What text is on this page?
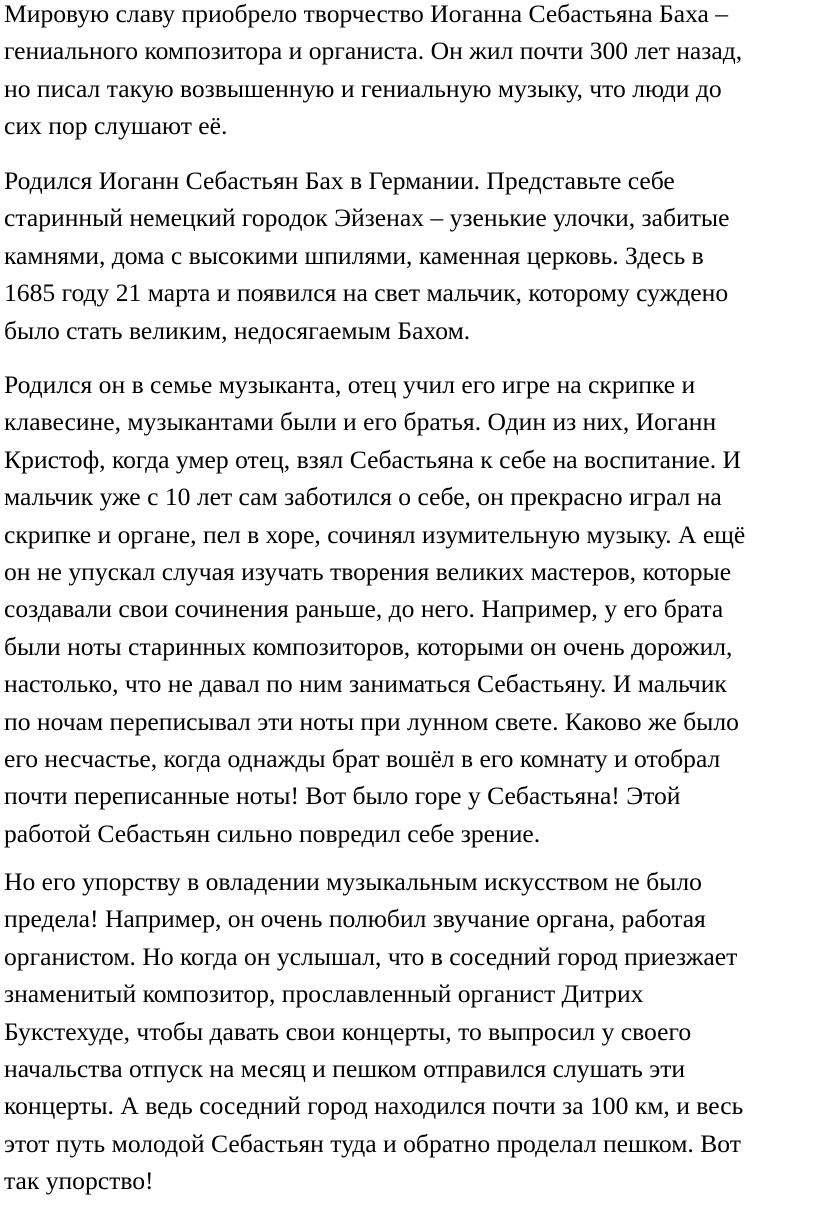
Мировую славу приобрело творчество Иоганна Себастьяна Баха –
гениального композитора и органиста. Он жил почти 300 лет назад,
но писал такую возвышенную и гениальную музыку, что люди до
сих пор слушают её.

Родился Иоганн Себастьян Бах в Германии. Представьте себе
старинный немецкий городок Эйзенах – узенькие улочки, забитые
камнями, дома с высокими шпилями, каменная церковь. Здесь в
1685 году 21 марта и появился на свет мальчик, которому суждено
было стать великим, недосягаемым Бахом.

Родился он в семье музыканта, отец учил его игре на скрипке и
клавесине, музыкантами были и его братья. Один из них, Иоганн
Кристоф, когда умер отец, взял Себастьяна к себе на воспитание. И
мальчик уже с 10 лет сам заботился о себе, он прекрасно играл на
скрипке и органе, пел в хоре, сочинял изумительную музыку. А ещё
он не упускал случая изучать творения великих мастеров, которые
создавали свои сочинения раньше, до него. Например, у его брата
были ноты старинных композиторов, которыми он очень дорожил,
настолько, что не давал по ним заниматься Себастьяну. И мальчик
по ночам переписывал эти ноты при лунном свете. Каково же было
его несчастье, когда однажды брат вошёл в его комнату и отобрал
почти переписанные ноты! Вот было горе у Себастьяна! Этой
работой Себастьян сильно повредил себе зрение.

Но его упорству в овладении музыкальным искусством не было
предела! Например, он очень полюбил звучание органа, работая
органистом. Но когда он услышал, что в соседний город приезжает
знаменитый композитор, прославленный органист Дитрих
Букстехуде, чтобы давать свои концерты, то выпросил у своего
начальства отпуск на месяц и пешком отправился слушать эти
концерты. А ведь соседний город находился почти за 100 км, и весь
этот путь молодой Себастьян туда и обратно проделал пешком. Вот
так упорство!
